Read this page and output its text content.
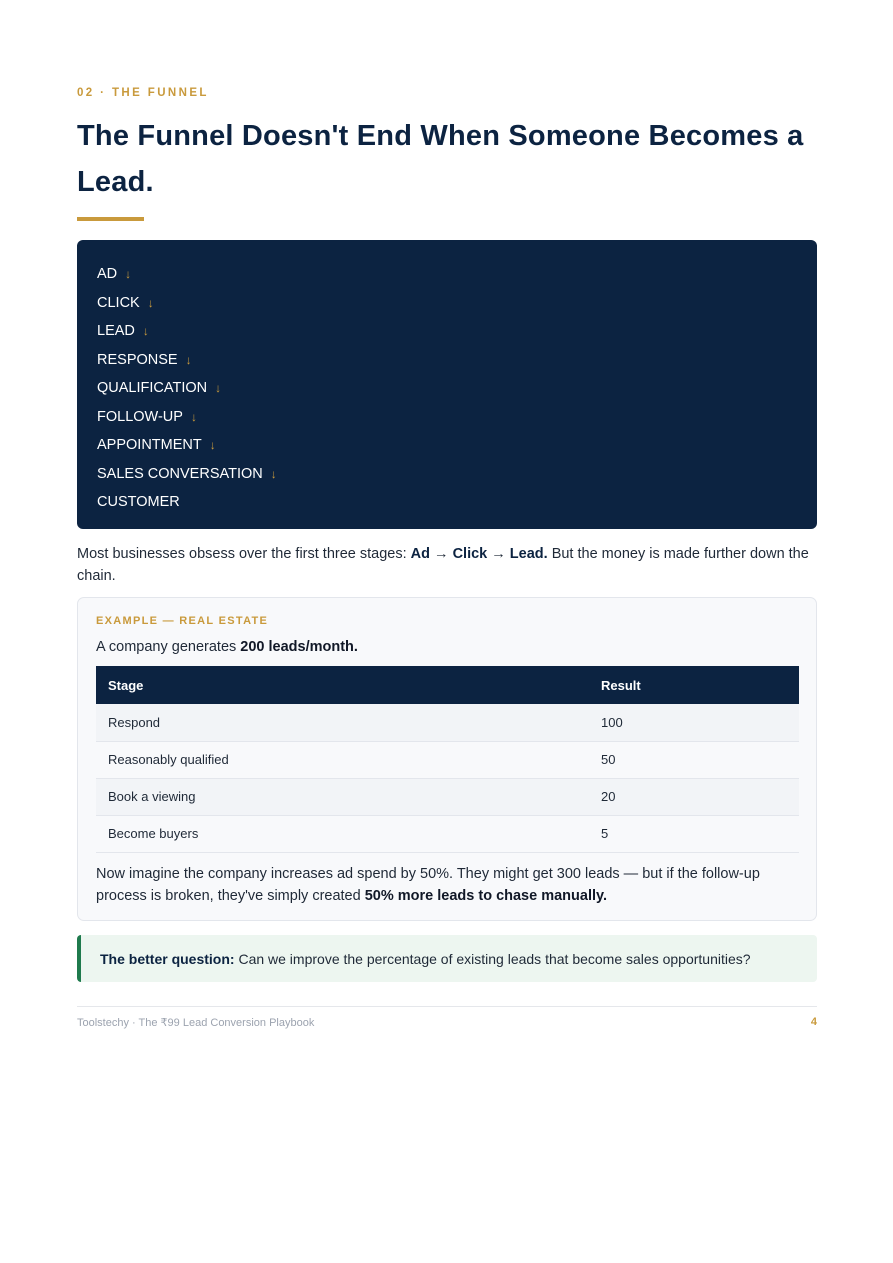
02 · THE FUNNEL
The Funnel Doesn't End When Someone Becomes a Lead.
AD ↓
CLICK ↓
LEAD ↓
RESPONSE ↓
QUALIFICATION ↓
FOLLOW-UP ↓
APPOINTMENT ↓
SALES CONVERSATION ↓
CUSTOMER

Most businesses obsess over the first three stages: Ad → Click → Lead. But the money is made further down the chain.

EXAMPLE — REAL ESTATE

A company generates 200 leads/month.

Stage	Result
Respond	100
Reasonably qualified	50
Book a viewing	20
Become buyers	5

Now imagine the company increases ad spend by 50%. They might get 300 leads — but if the follow-up process is broken, they've simply created 50% more leads to chase manually.

The better question: Can we improve the percentage of existing leads that become sales opportunities?
Toolstechy · The ₹99 Lead Conversion Playbook	4
